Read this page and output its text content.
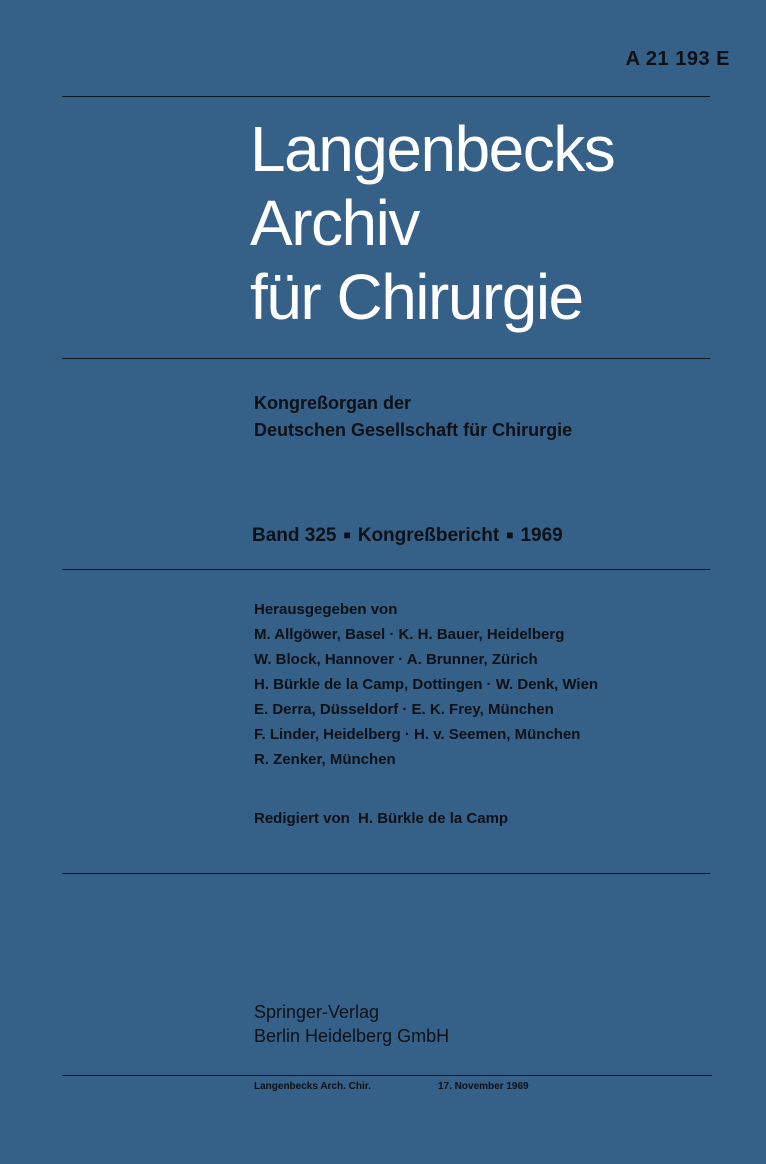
A 21 193 E
Langenbecks
Archiv
für Chirurgie
Kongreßorgan der
Deutschen Gesellschaft für Chirurgie
Band 325 ■ Kongreßbericht ■ 1969
Herausgegeben von
M. Allgöwer, Basel · K. H. Bauer, Heidelberg
W. Block, Hannover · A. Brunner, Zürich
H. Bürkle de la Camp, Dottingen · W. Denk, Wien
E. Derra, Düsseldorf · E. K. Frey, München
F. Linder, Heidelberg · H. v. Seemen, München
R. Zenker, München
Redigiert von H. Bürkle de la Camp
Springer-Verlag
Berlin Heidelberg GmbH
Langenbecks Arch. Chir.	17. November 1969
